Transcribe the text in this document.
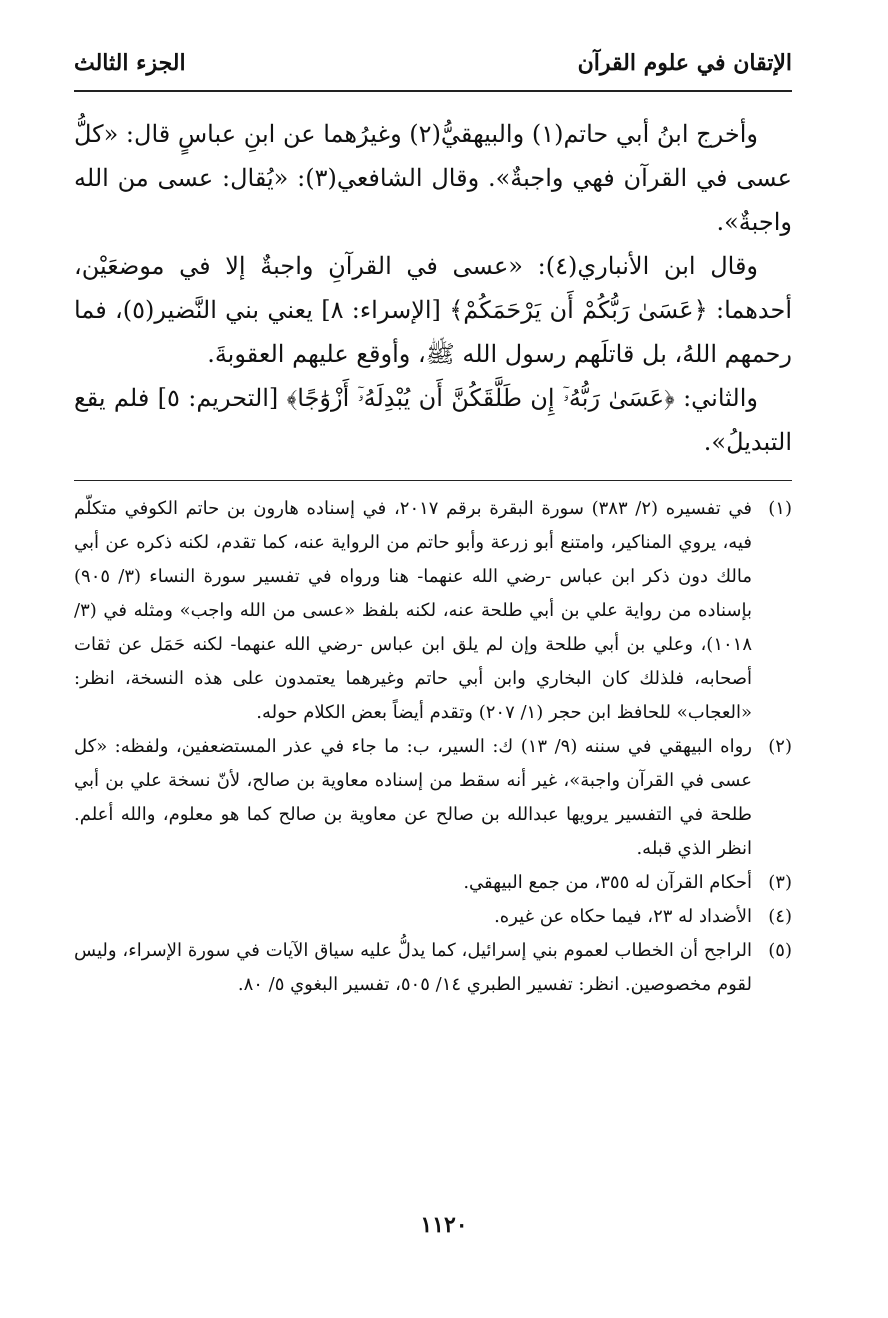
الإتقان في علوم القرآن
الجزء الثالث

وأخرج ابنُ أبي حاتم(١) والبيهقيُّ(٢) وغيرُهما عن ابنِ عباسٍ قال: «كلُّ عسى في القرآن فهي واجبةٌ». وقال الشافعي(٣): «يُقال: عسى من الله واجبةٌ».

وقال ابن الأنباري(٤): «عسى في القرآنِ واجبةٌ إلا في موضعَيْن، أحدهما: ﴿عَسَىٰ رَبُّكُمْ أَن يَرْحَمَكُمْ﴾ [الإسراء: ٨] يعني بني النَّضير(٥)، فما رحمهم اللهُ، بل قاتلَهم رسول الله ﷺ، وأوقع عليهم العقوبةَ.

والثاني: ﴿عَسَىٰ رَبُّهُۥٓ إِن طَلَّقَكُنَّ أَن يُبْدِلَهُۥٓ أَزْوَٰجًا﴾ [التحريم: ٥] فلم يقع التبديلُ».

(١)
في تفسيره (٢/ ٣٨٣) سورة البقرة برقم ٢٠١٧، في إسناده هارون بن حاتم الكوفي متكلّم فيه، يروي المناكير، وامتنع أبو زرعة وأبو حاتم من الرواية عنه، كما تقدم، لكنه ذكره عن أبي مالك دون ذكر ابن عباس -رضي الله عنهما- هنا ورواه في تفسير سورة النساء (٣/ ٩٠٥) بإسناده من رواية علي بن أبي طلحة عنه، لكنه بلفظ «عسى من الله واجب» ومثله في (٣/ ١٠١٨)، وعلي بن أبي طلحة وإن لم يلق ابن عباس -رضي الله عنهما- لكنه حَمَل عن ثقات أصحابه، فلذلك كان البخاري وابن أبي حاتم وغيرهما يعتمدون على هذه النسخة، انظر: «العجاب» للحافظ ابن حجر (١/ ٢٠٧) وتقدم أيضاً بعض الكلام حوله.
(٢)
رواه البيهقي في سننه (٩/ ١٣) ك: السير، ب: ما جاء في عذر المستضعفين، ولفظه: «كل عسى في القرآن واجبة»، غير أنه سقط من إسناده معاوية بن صالح، لأنّ نسخة علي بن أبي طلحة في التفسير يرويها عبدالله بن صالح عن معاوية بن صالح كما هو معلوم، والله أعلم. انظر الذي قبله.
(٣)
أحكام القرآن له ٣٥٥، من جمع البيهقي.
(٤)
الأضداد له ٢٣، فيما حكاه عن غيره.
(٥)
الراجح أن الخطاب لعموم بني إسرائيل، كما يدلُّ عليه سياق الآيات في سورة الإسراء، وليس لقوم مخصوصين. انظر: تفسير الطبري ١٤/ ٥٠٥، تفسير البغوي ٥/ ٨٠.
١١٢٠
